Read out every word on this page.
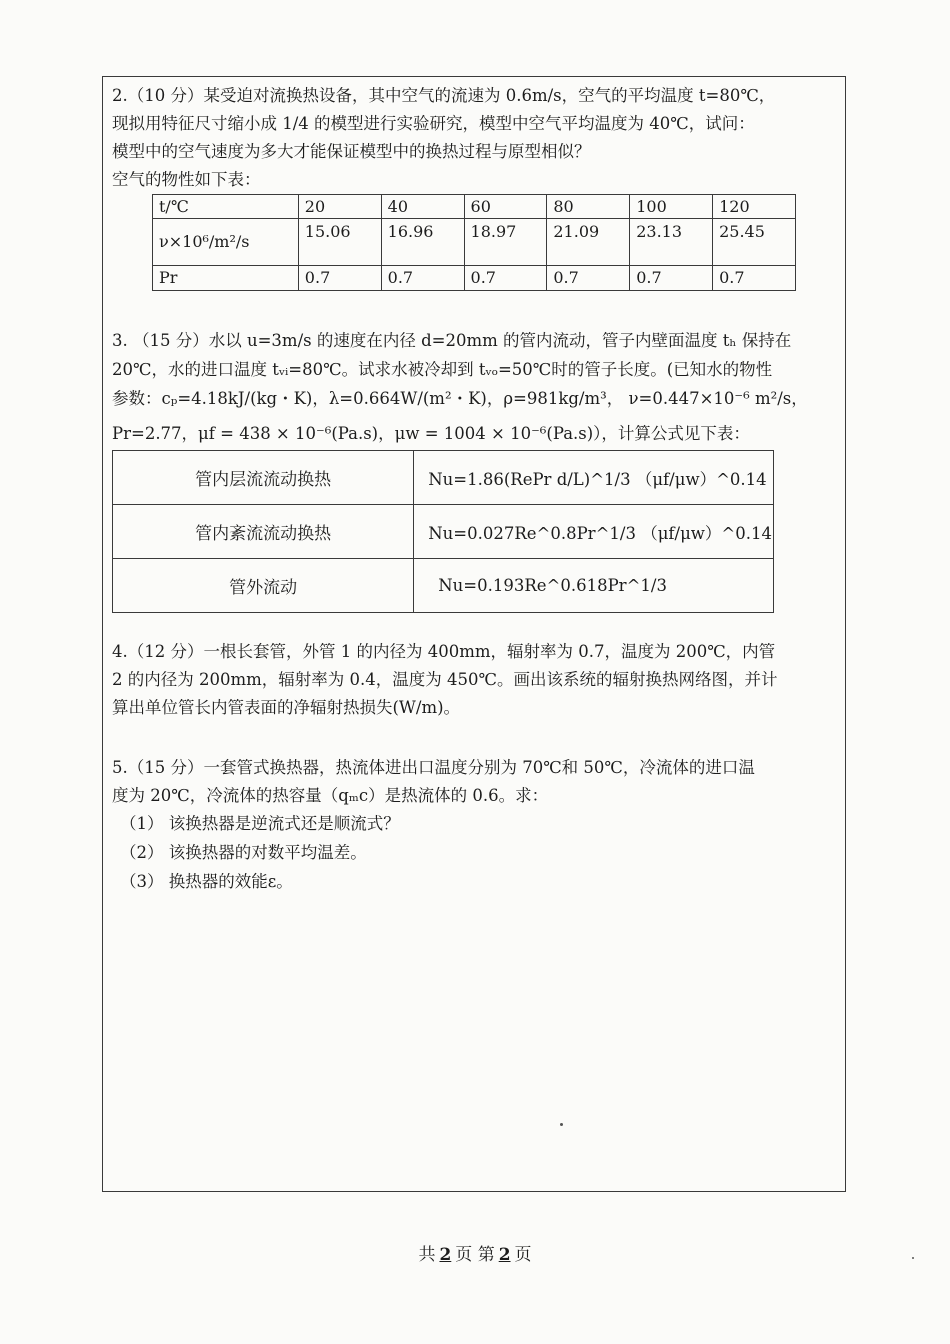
2.（10 分）某受迫对流换热设备，其中空气的流速为 0.6m/s，空气的平均温度 t=80℃，
现拟用特征尺寸缩小成 1/4 的模型进行实验研究，模型中空气平均温度为 40℃，试问：
模型中的空气速度为多大才能保证模型中的换热过程与原型相似？
空气的物性如下表：
t/℃	20	40	60	80	100	120
ν×10⁶/m²/s	15.06	16.96	18.97	21.09	23.13	25.45
Pr	0.7	0.7	0.7	0.7	0.7	0.7
3. （15 分）水以 u=3m/s 的速度在内径 d=20mm 的管内流动，管子内壁面温度 tₕ 保持在
20℃，水的进口温度 tᵥᵢ=80℃。试求水被冷却到 tᵥₒ=50℃时的管子长度。(已知水的物性
参数：cₚ=4.18kJ/(kg・K)，λ=0.664W/(m²・K)，ρ=981kg/m³， ν=0.447×10⁻⁶ m²/s，
Pr=2.77，μf = 438 × 10⁻⁶(Pa.s)，μw = 1004 × 10⁻⁶(Pa.s)），计算公式见下表：
管内层流流动换热	Nu=1.86(RePr d/L)^1/3 （μf/μw）^0.14
管内紊流流动换热	Nu=0.027Re^0.8Pr^1/3 （μf/μw）^0.14
管外流动	Nu=0.193Re^0.618Pr^1/3
4.（12 分）一根长套管，外管 1 的内径为 400mm，辐射率为 0.7，温度为 200℃，内管
2 的内径为 200mm，辐射率为 0.4，温度为 450℃。画出该系统的辐射换热网络图，并计
算出单位管长内管表面的净辐射热损失(W/m)。
5.（15 分）一套管式换热器，热流体进出口温度分别为 70℃和 50℃，冷流体的进口温
度为 20℃，冷流体的热容量（qₘc）是热流体的 0.6。求：
（1） 该换热器是逆流式还是顺流式？
（2） 该换热器的对数平均温差。
（3） 换热器的效能ε。
共 2 页 第 2 页
